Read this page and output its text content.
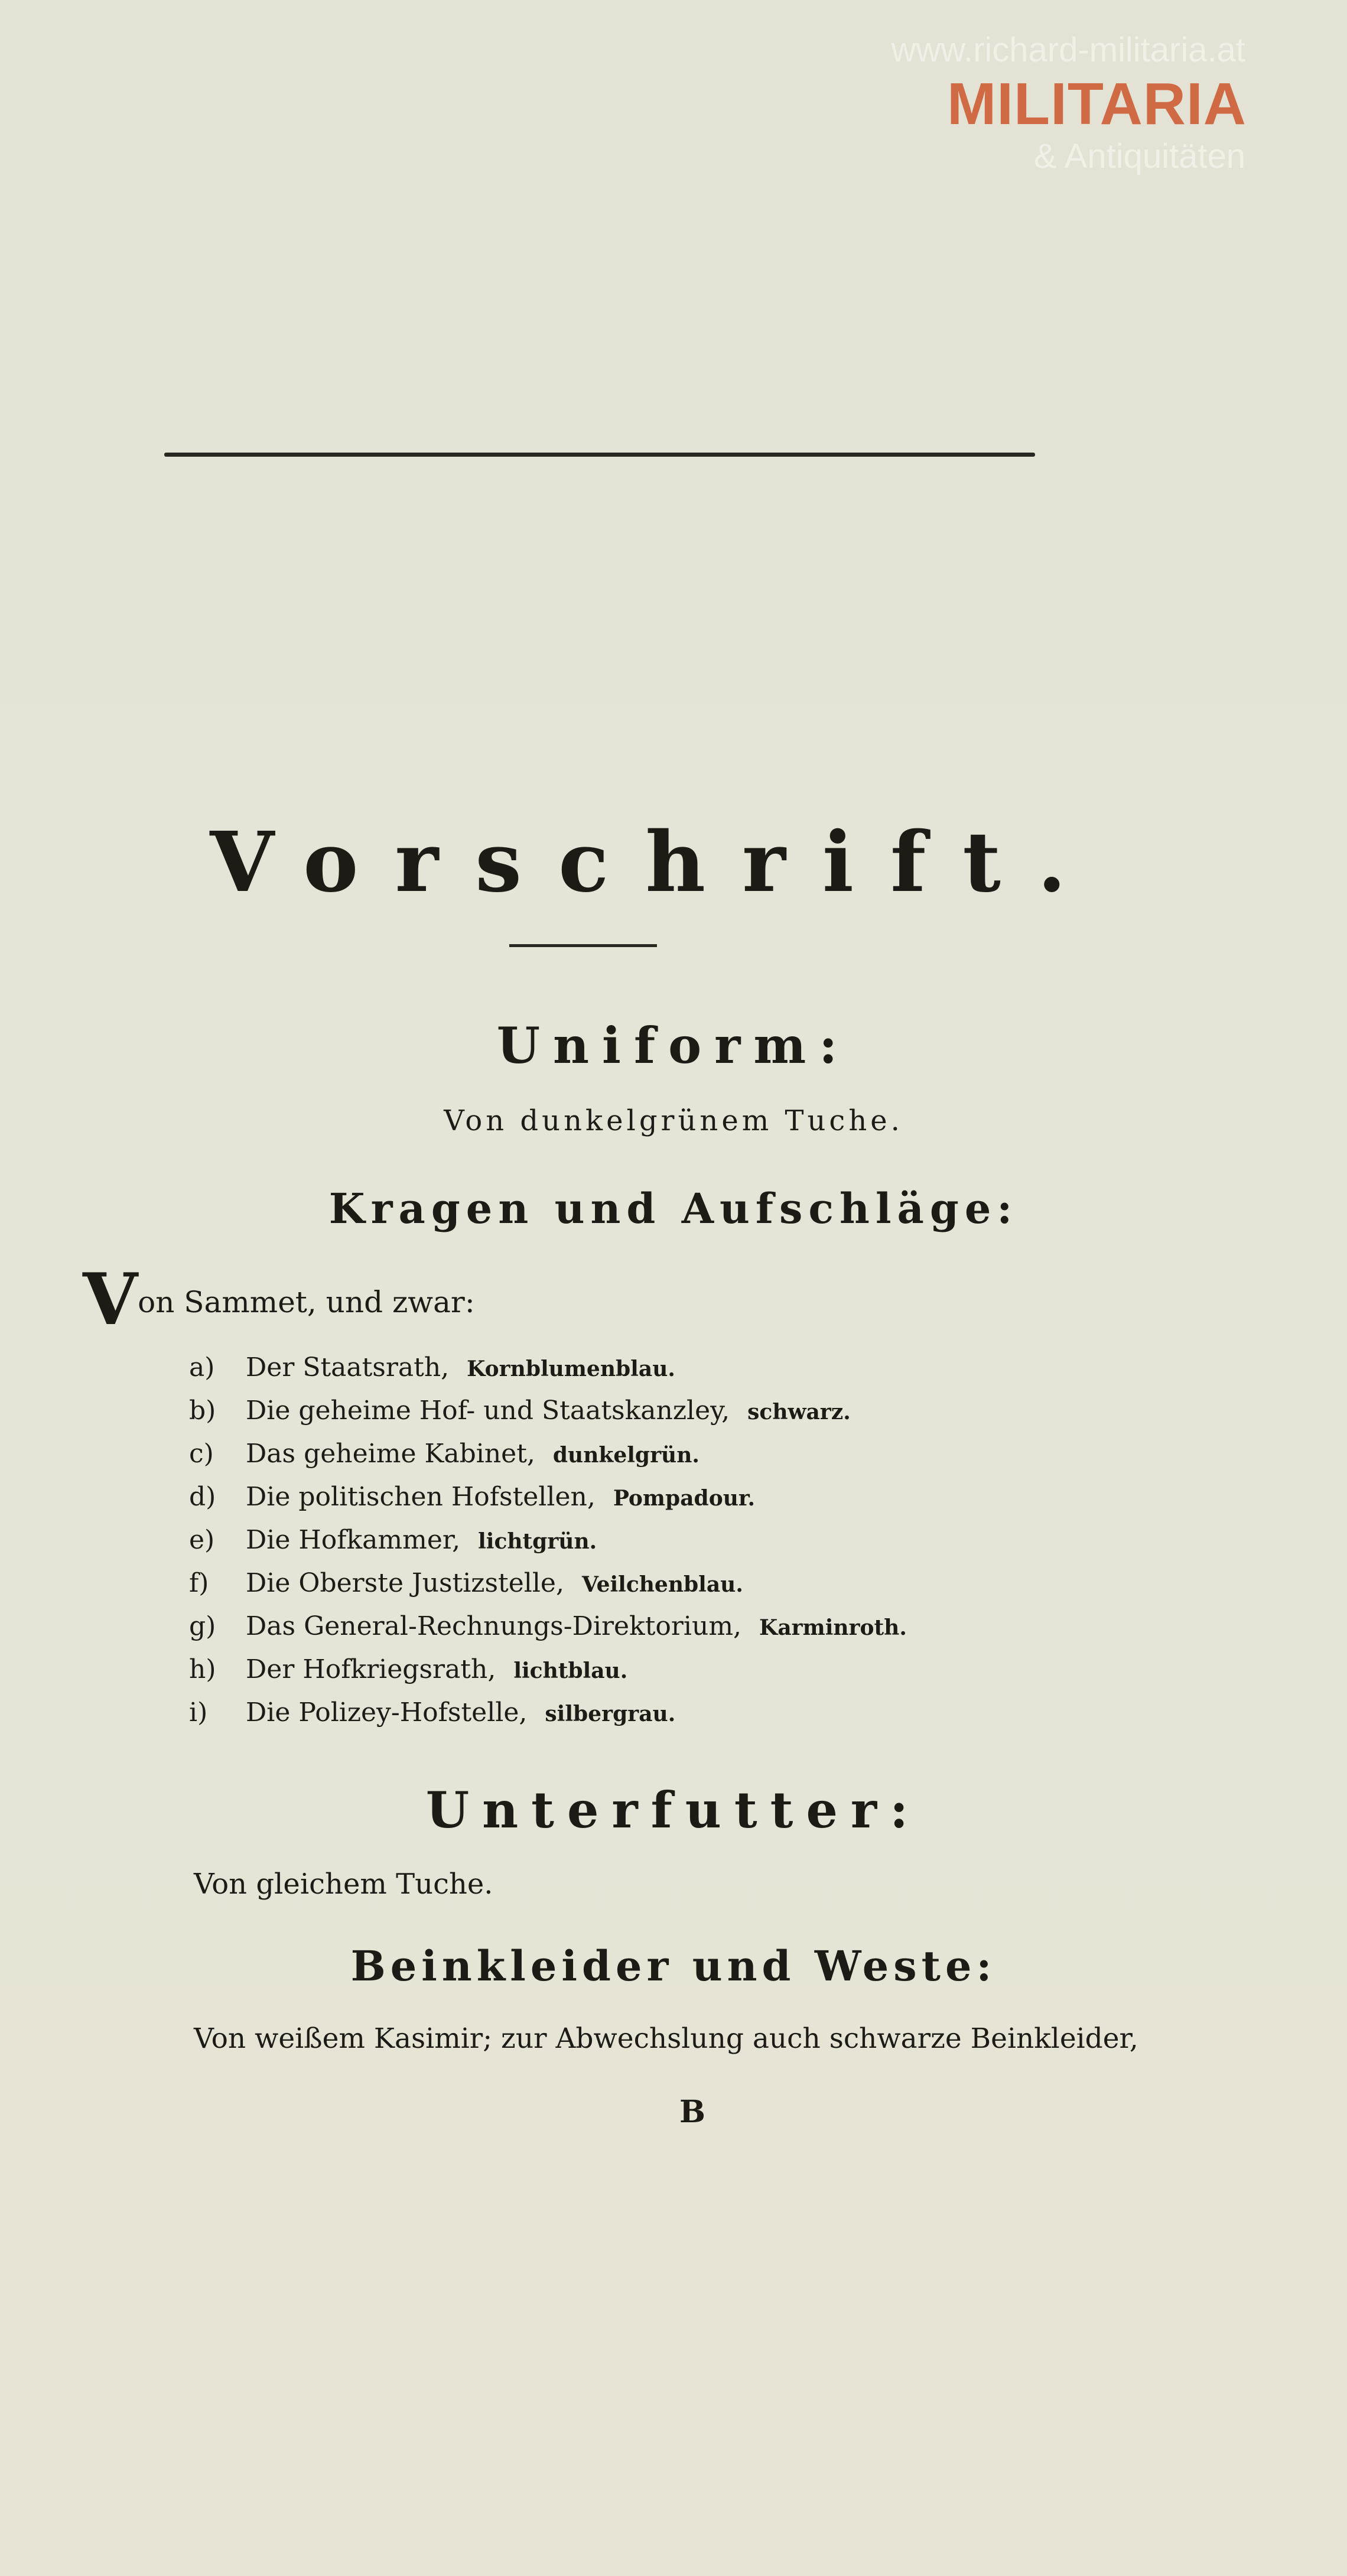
www.richard-militaria.at
MILITARIA
& Antiquitäten
Vorschrift.
Uniform:
Von dunkelgrünem Tuche.
Kragen und Aufschläge:
Von Sammet, und zwar:
a) Der Staatsrath, Kornblumenblau.
b) Die geheime Hof- und Staatskanzley, schwarz.
c) Das geheime Kabinet, dunkelgrün.
d) Die politischen Hofstellen, Pompadour.
e) Die Hofkammer, lichtgrün.
f) Die Oberste Justizstelle, Veilchenblau.
g) Das General-Rechnungs-Direktorium, Karminroth.
h) Der Hofkriegsrath, lichtblau.
i) Die Polizey-Hofstelle, silbergrau.
Unterfutter:
Von gleichem Tuche.
Beinkleider und Weste:
Von weißem Kasimir; zur Abwechslung auch schwarze Beinkleider,
B
